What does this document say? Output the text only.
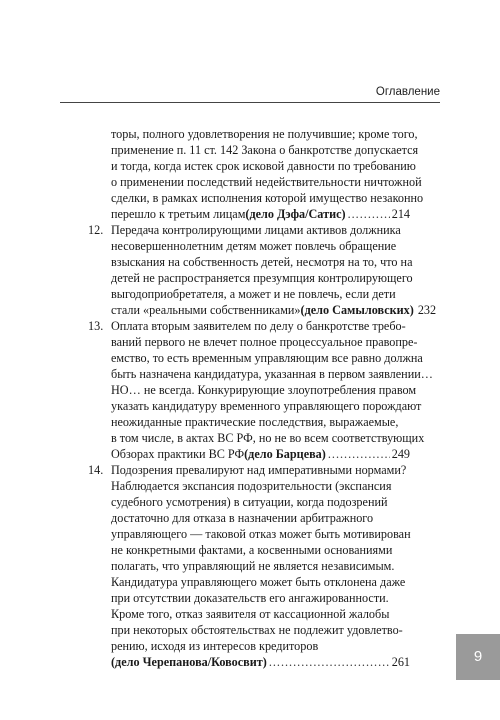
Оглавление
торы, полного удовлетворения не получившие; кроме того,
применение п. 11 ст. 142 Закона о банкротстве допускается
и тогда, когда истек срок исковой давности по требованию
о применении последствий недействительности ничтожной
сделки, в рамках исполнения которой имущество незаконно
перешло к третьим лицам (дело Дэфа/Сатис) .....	214
12. Передача контролирующими лицами активов должника
несовершеннолетним детям может повлечь обращение
взыскания на собственность детей, несмотря на то, что на
детей не распространяется презумпция контролирующего
выгодоприобретателя, а может и не повлечь, если дети
стали «реальными собственниками» (дело Самыловских) 232
13. Оплата вторым заявителем по делу о банкротстве требо-
ваний первого не влечет полное процессуальное правопре-
емство, то есть временным управляющим все равно должна
быть назначена кандидатура, указанная в первом заявлении…
НО… не всегда. Конкурирующие злоупотребления правом
указать кандидатуру временного управляющего порождают
неожиданные практические последствия, выражаемые,
в том числе, в актах ВС РФ, но не во всем соответствующих
Обзорах практики ВС РФ (дело Барцева) .....	249
14. Подозрения превалируют над императивными нормами?
Наблюдается экспансия подозрительности (экспансия
судебного усмотрения) в ситуации, когда подозрений
достаточно для отказа в назначении арбитражного
управляющего — таковой отказ может быть мотивирован
не конкретными фактами, а косвенными основаниями
полагать, что управляющий не является независимым.
Кандидатура управляющего может быть отклонена даже
при отсутствии доказательств его ангажированности.
Кроме того, отказ заявителя от кассационной жалобы
при некоторых обстоятельствах не подлежит удовлетво-
рению, исходя из интересов кредиторов
(дело Черепанова/Ковосвит) .....	261	9
